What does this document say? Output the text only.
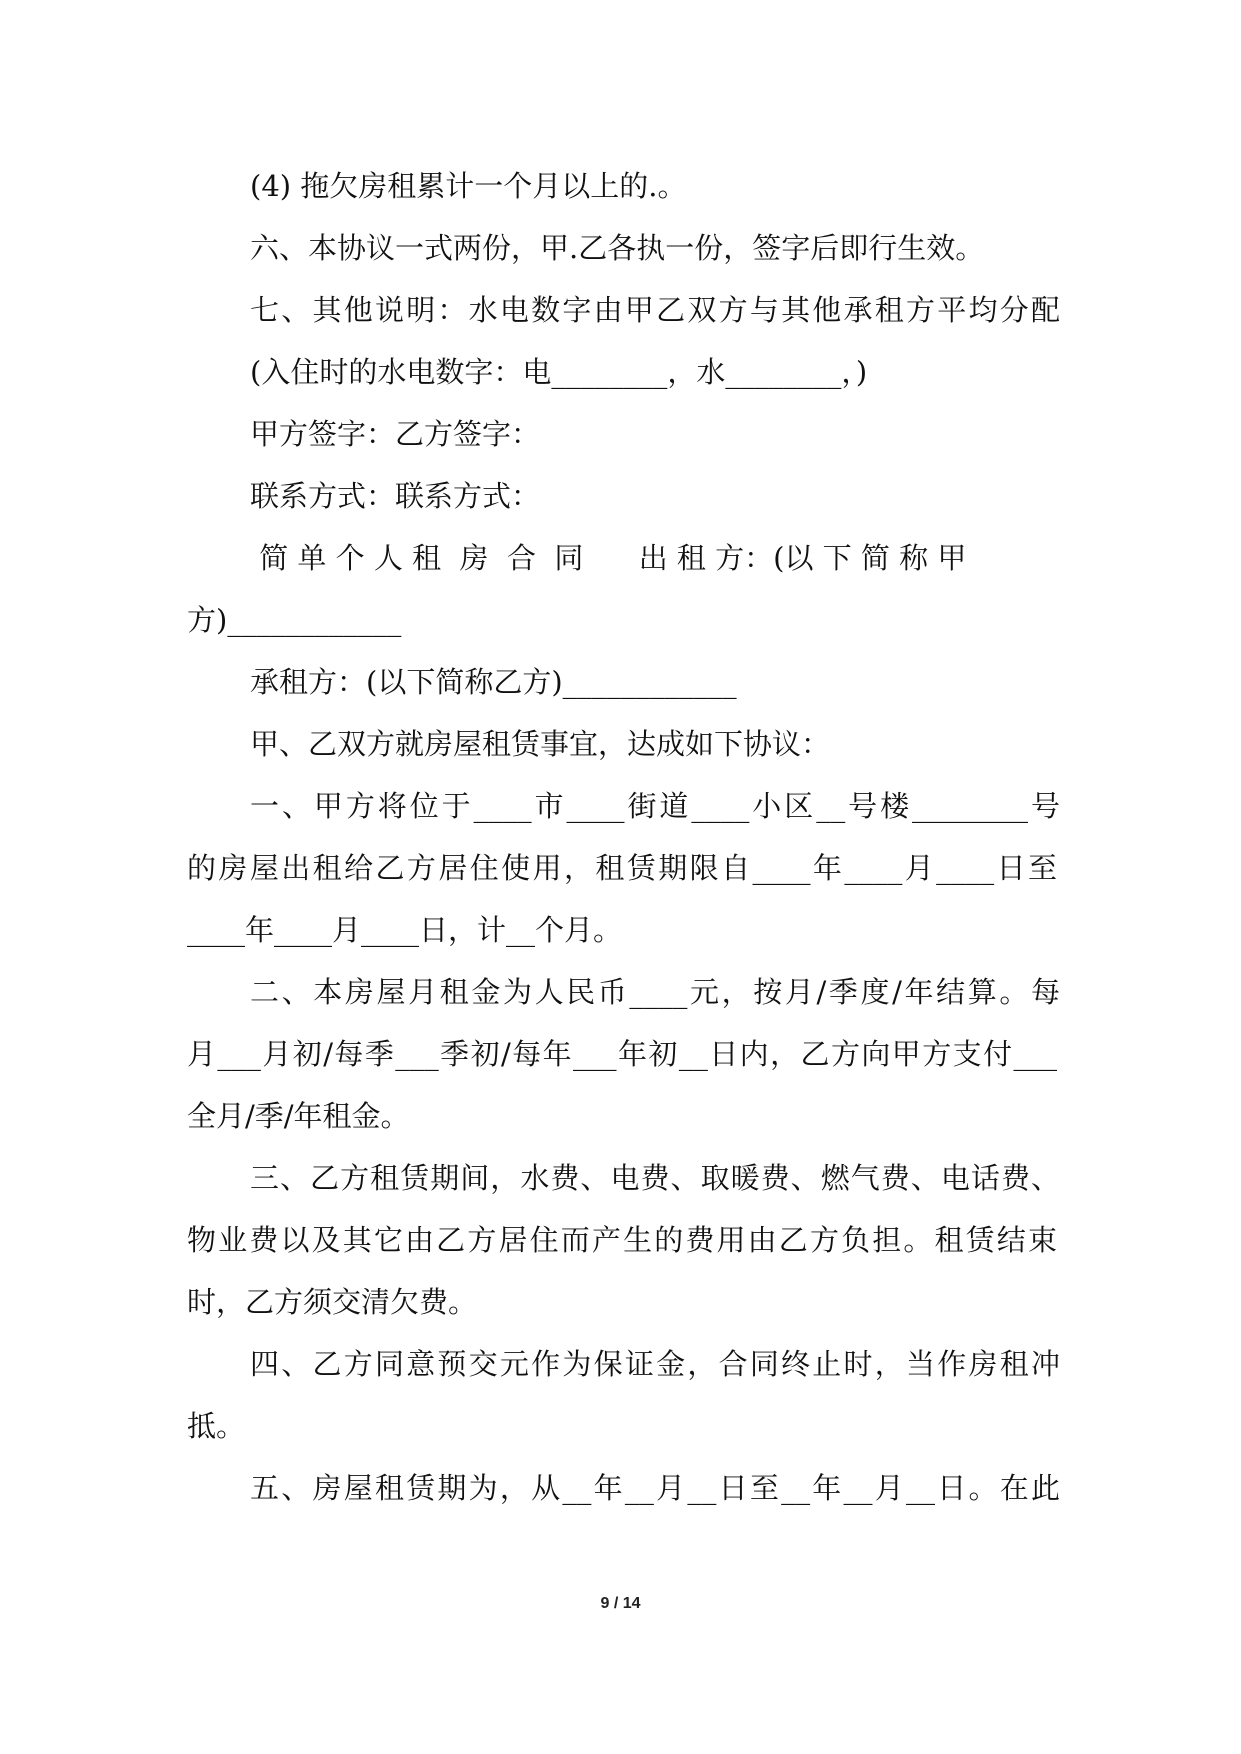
(4) 拖欠房租累计一个月以上的.。
六、本协议一式两份，甲.乙各执一份，签字后即行生效。
七、其他说明：水电数字由甲乙双方与其他承租方平均分配
(入住时的水电数字：电________，水________，)
甲方签字：乙方签字：
联系方式：联系方式：
简 单 个 人 租  房  合  同      出 租 方：(以 下 简 称 甲
方)____________
承租方：(以下简称乙方)____________
甲、乙双方就房屋租赁事宜，达成如下协议：
一、甲方将位于____市____街道____小区__号楼________号
的房屋出租给乙方居住使用，租赁期限自____年____月____日至
____年____月____日，计__个月。
二、本房屋月租金为人民币____元，按月/季度/年结算。每
月___月初/每季___季初/每年___年初__日内，乙方向甲方支付___
全月/季/年租金。
三、乙方租赁期间，水费、电费、取暖费、燃气费、电话费、
物业费以及其它由乙方居住而产生的费用由乙方负担。租赁结束
时，乙方须交清欠费。
四、乙方同意预交元作为保证金，合同终止时，当作房租冲
抵。
五、房屋租赁期为，从__年__月__日至__年__月__日。在此
9 / 14
